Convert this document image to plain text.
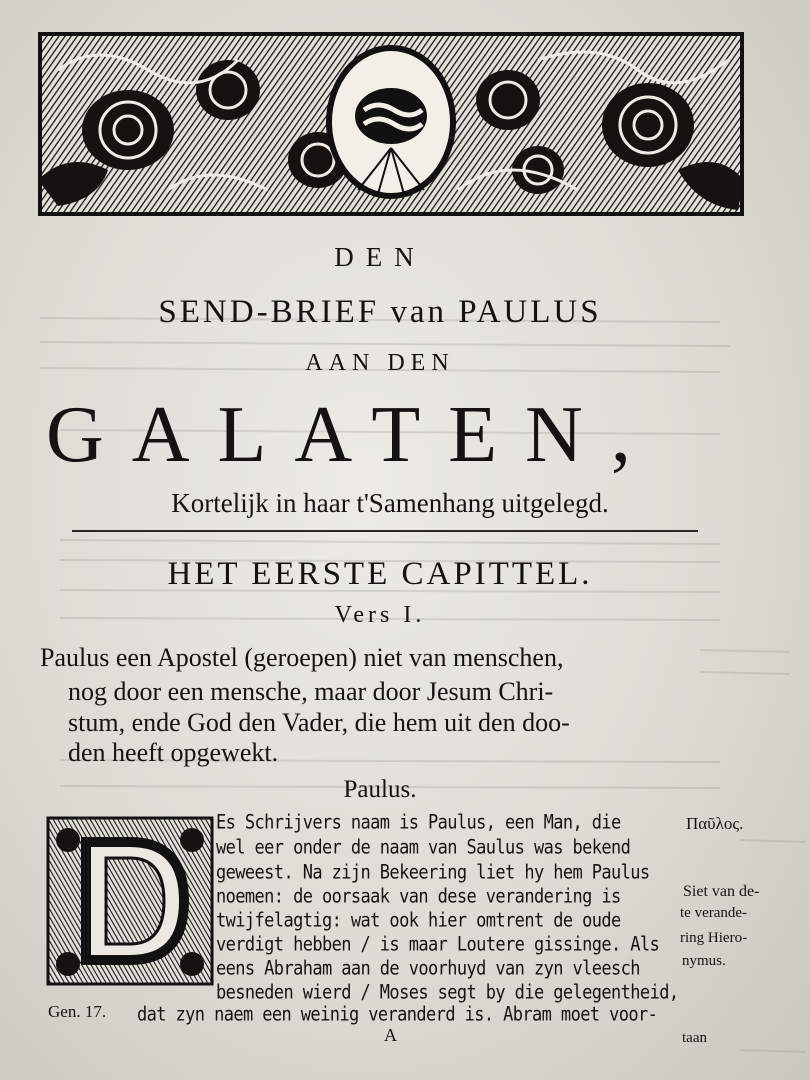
DEN
SEND-BRIEF van PAULUS
AAN DEN
GALATEN,
Kortelijk in haar t'Samenhang uitgelegd.
HET EERSTE CAPITTEL.
Vers I.
Paulus een Apostel (geroepen) niet van menschen,
nog door een mensche, maar door Jesum Chri-
stum, ende God den Vader, die hem uit den doo-
den heeft opgewekt.
Paulus.
Es Schrijvers naam is Paulus, een Man, die
wel eer onder de naam van Saulus was bekend
geweest. Na zijn Bekeering liet hy hem Paulus
noemen: de oorsaak van dese verandering is
twijfelagtig: wat ook hier omtrent de oude
verdigt hebben / is maar Loutere gissinge. Als
eens Abraham aan de voorhuyd van zyn vleesch
besneden wierd / Moses segt by die gelegentheid,
dat zyn naem een weinig veranderd is. Abram moet voor-
Παῦλος.
Siet van de-
te verande-
ring Hiero-
nymus.
Gen. 17.
A	taan
